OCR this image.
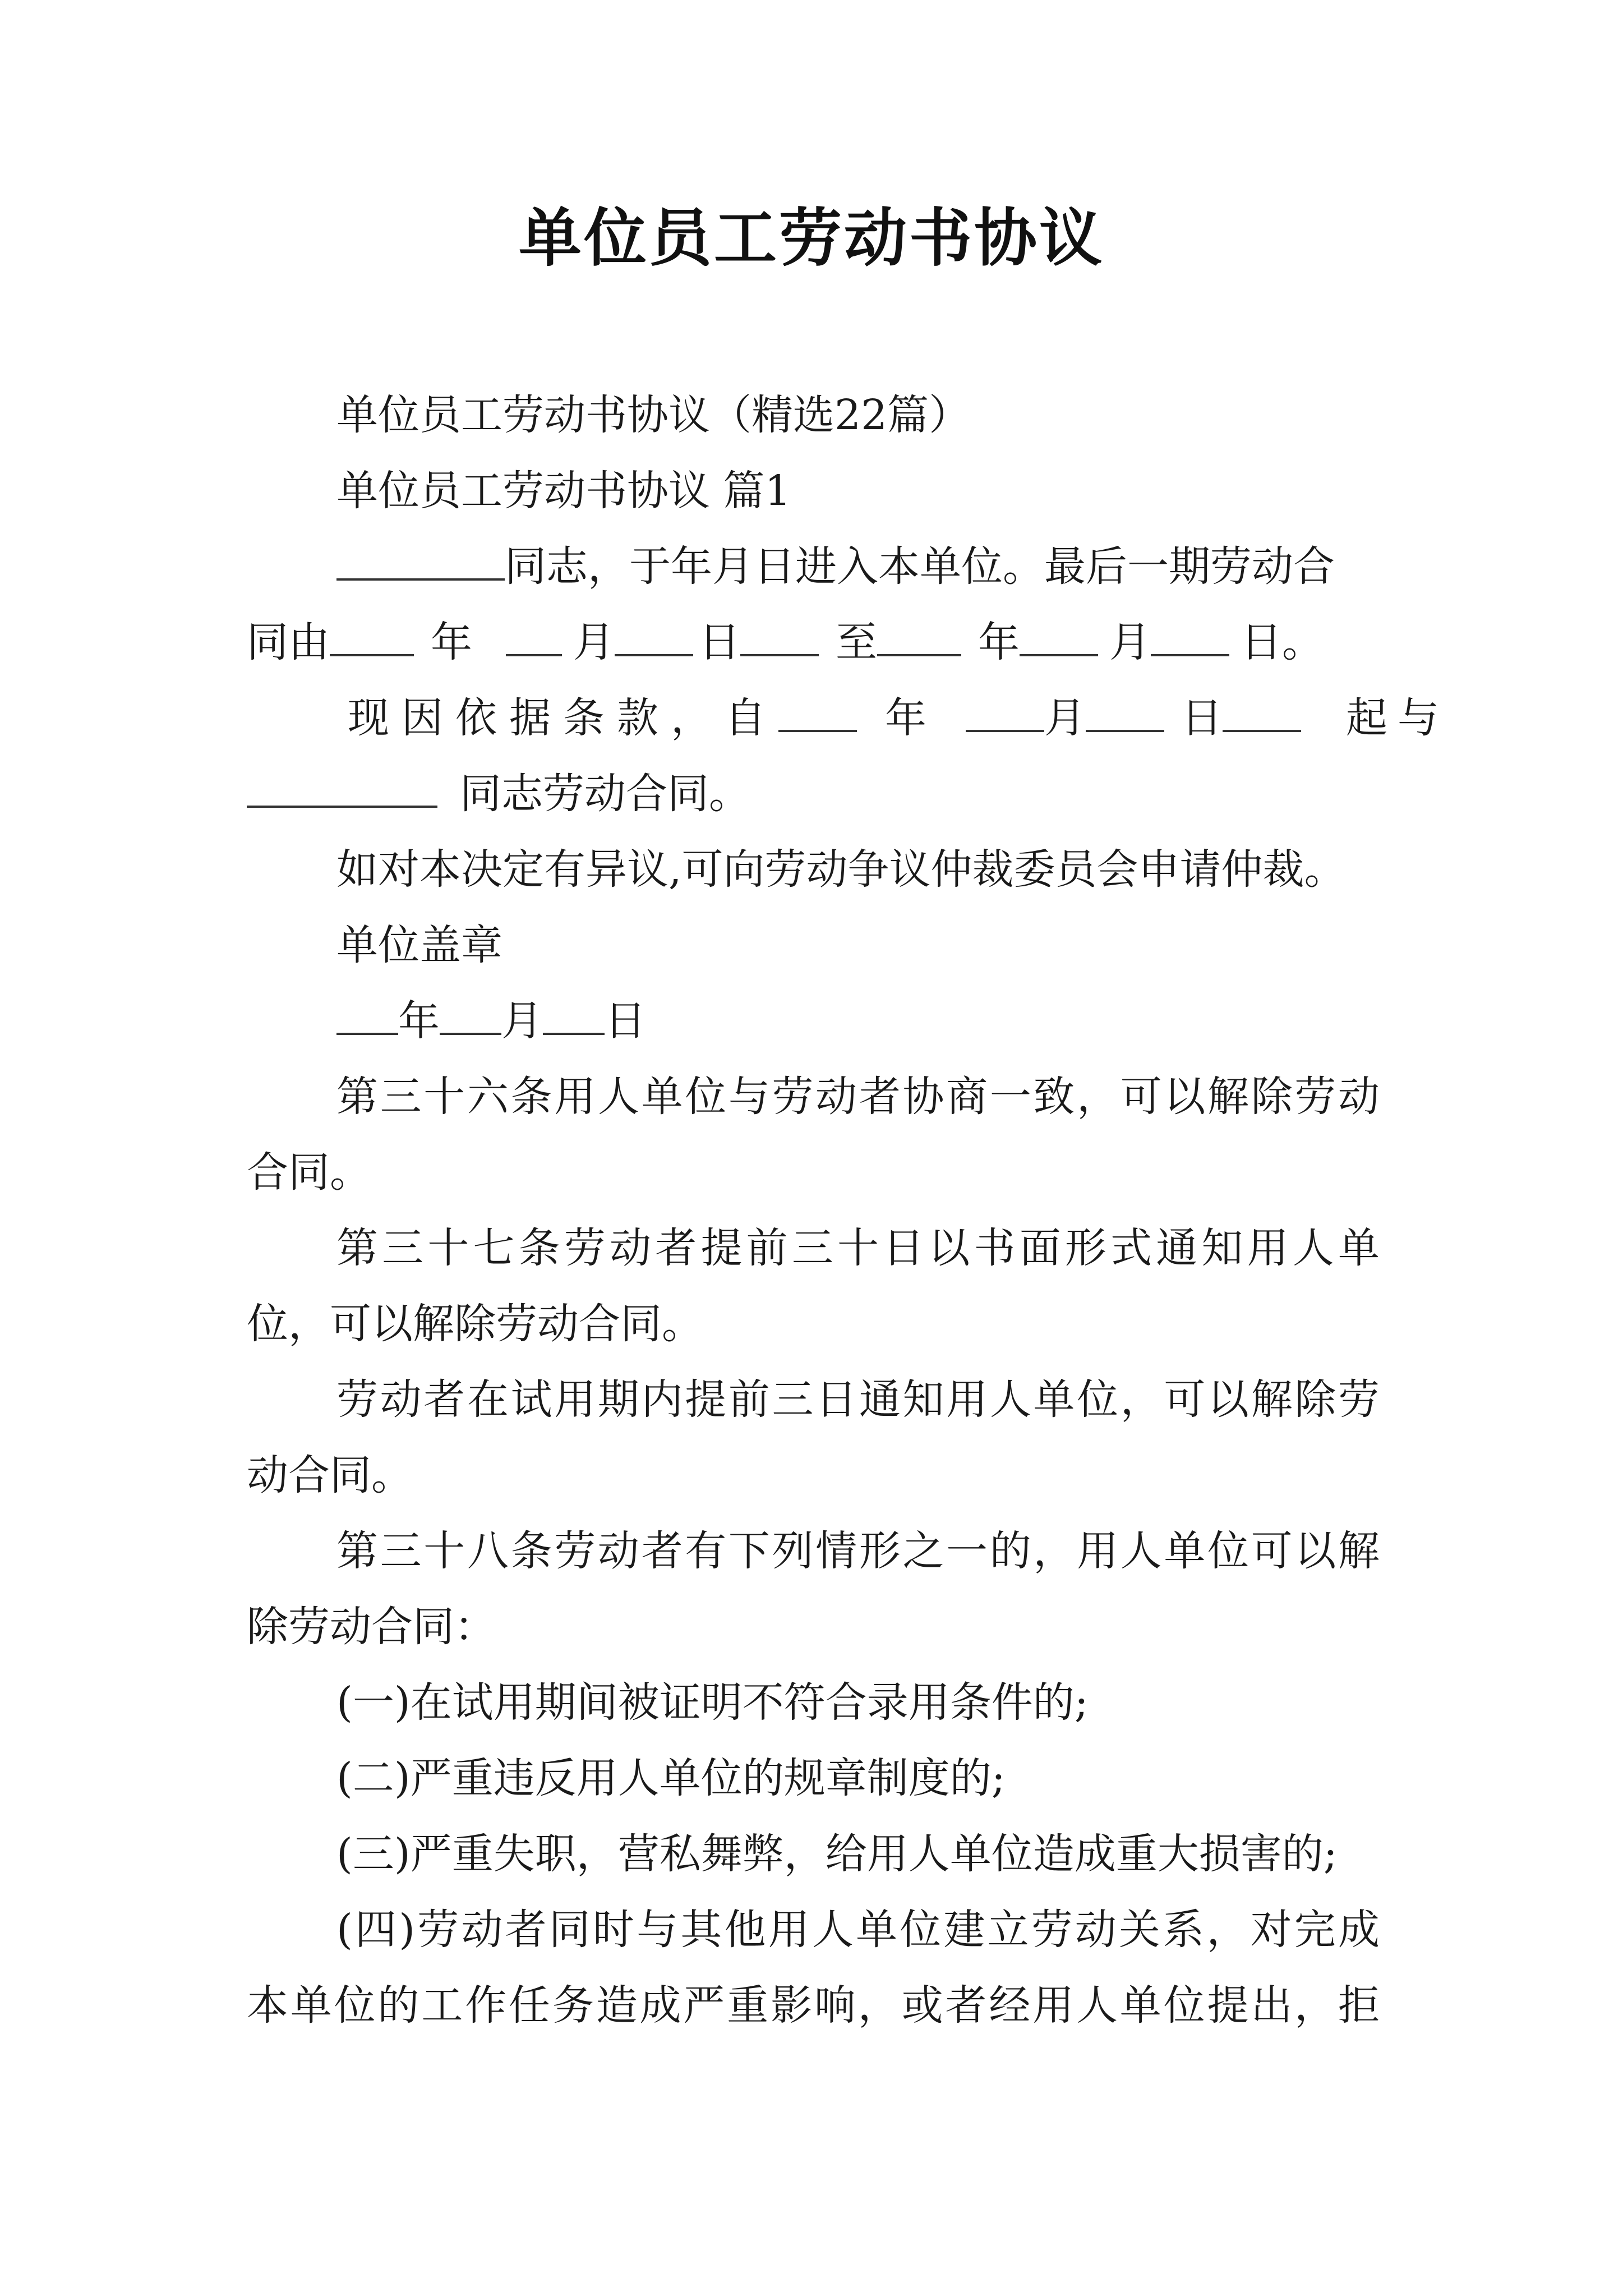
单位员工劳动书协议
单位员工劳动书协议（精选22篇）
单位员工劳动书协议 篇1
同志，于年月日进入本单位。最后一期劳动合
同由 年 月 日 至 年 月 日。
现因依据条款，自	年	月 日	起与
同志劳动合同。
如对本决定有异议,可向劳动争议仲裁委员会申请仲裁。
单位盖章
年 月 日
第三十六条用人单位与劳动者协商一致，可以解除劳动
合同。
第三十七条劳动者提前三十日以书面形式通知用人单
位，可以解除劳动合同。
劳动者在试用期内提前三日通知用人单位，可以解除劳
动合同。
第三十八条劳动者有下列情形之一的，用人单位可以解
除劳动合同：
(一)在试用期间被证明不符合录用条件的;
(二)严重违反用人单位的规章制度的;
(三)严重失职，营私舞弊，给用人单位造成重大损害的;
(四)劳动者同时与其他用人单位建立劳动关系，对完成
本单位的工作任务造成严重影响，或者经用人单位提出，拒
